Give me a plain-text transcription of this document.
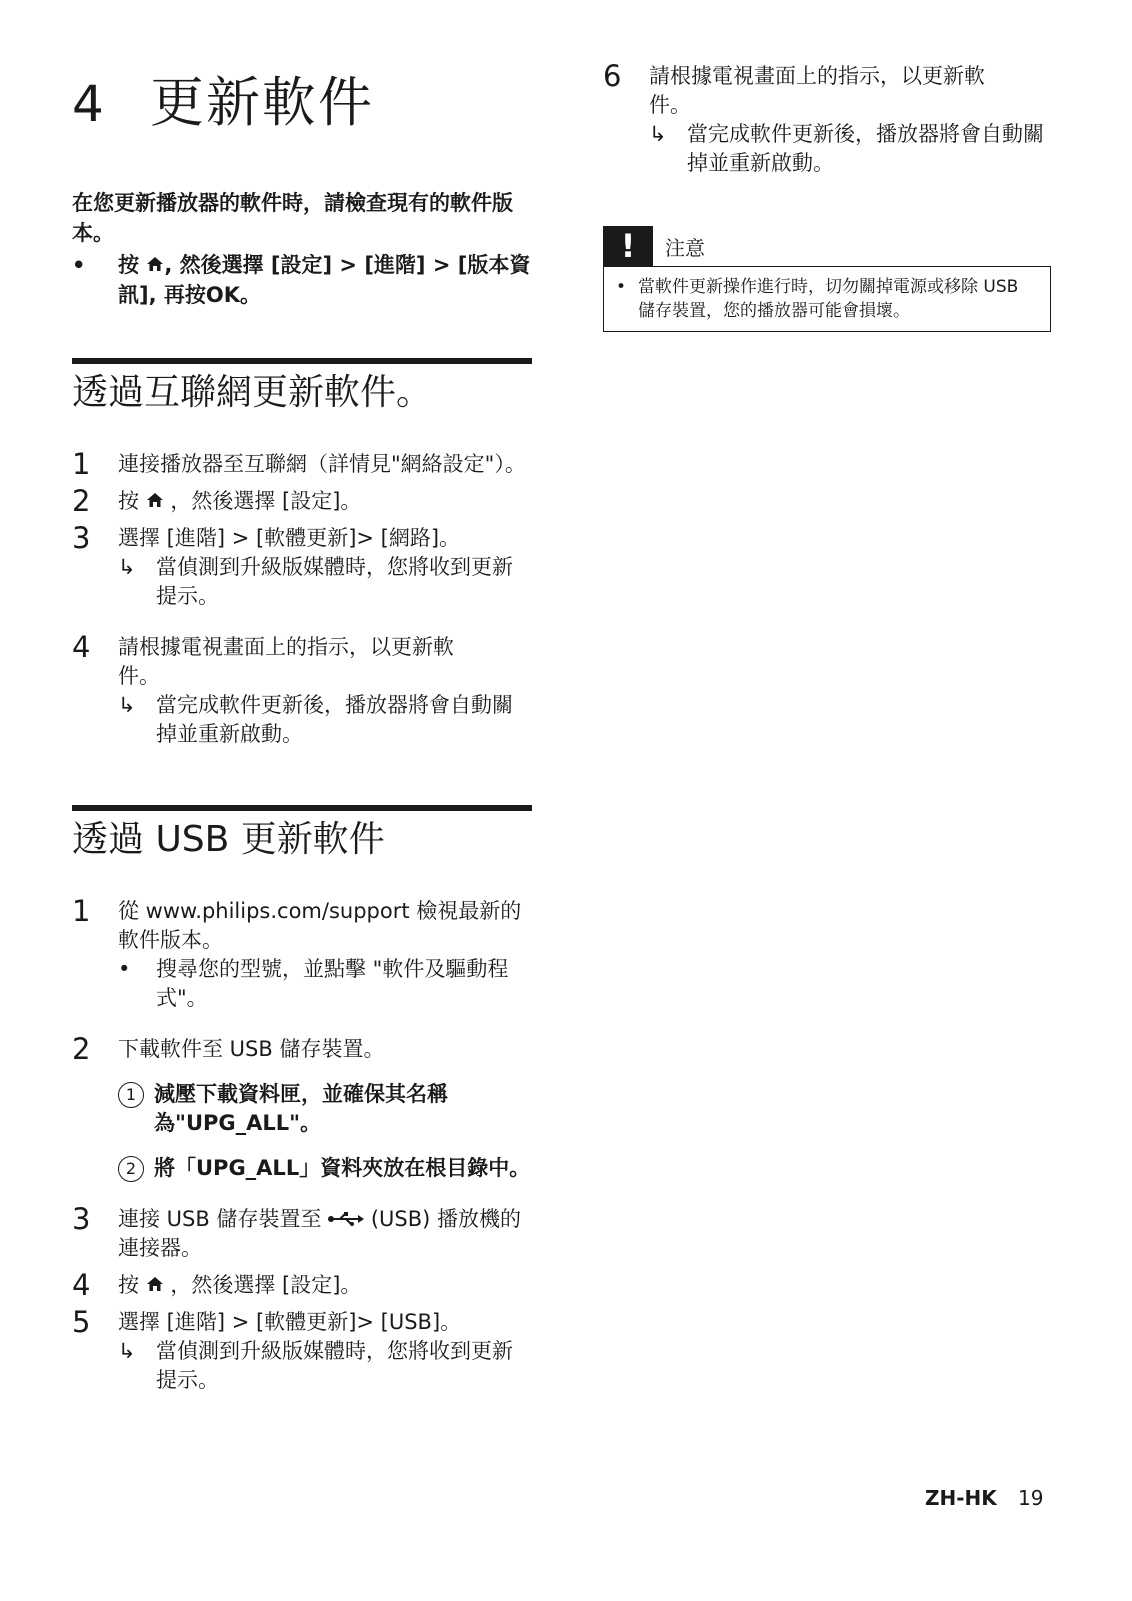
4 更新軟件

在您更新播放器的軟件時，請檢查現有的軟件版本。

•	按 , 然後選擇 [設定] > [進階] > [版本資訊], 再按OK。
透過互聯網更新軟件。
1	連接播放器至互聯網（詳情見"網絡設定"）。
2	按 ，然後選擇 [設定]。
3	選擇 [進階] > [軟體更新]> [網路]。
↳ 當偵測到升級版媒體時，您將收到更新提示。
4	請根據電視畫面上的指示，以更新軟件。
↳ 當完成軟件更新後，播放器將會自動關掉並重新啟動。
透過 USB 更新軟件
1	從 www.philips.com/support 檢視最新的軟件版本。
•	搜尋您的型號，並點擊 "軟件及驅動程式"。
2	下載軟件至 USB 儲存裝置。
1 減壓下載資料匣，並確保其名稱為"UPG_ALL"。
2 將「UPG_ALL」資料夾放在根目錄中。
3	連接 USB 儲存裝置至 (USB) 播放機的連接器。
4	按 ，然後選擇 [設定]。
5	選擇 [進階] > [軟體更新]> [USB]。
↳ 當偵測到升級版媒體時，您將收到更新提示。
6	請根據電視畫面上的指示，以更新軟件。
↳ 當完成軟件更新後，播放器將會自動關掉並重新啟動。
!	注意
• 當軟件更新操作進行時，切勿關掉電源或移除 USB 儲存裝置，您的播放器可能會損壞。
ZH-HK 19
